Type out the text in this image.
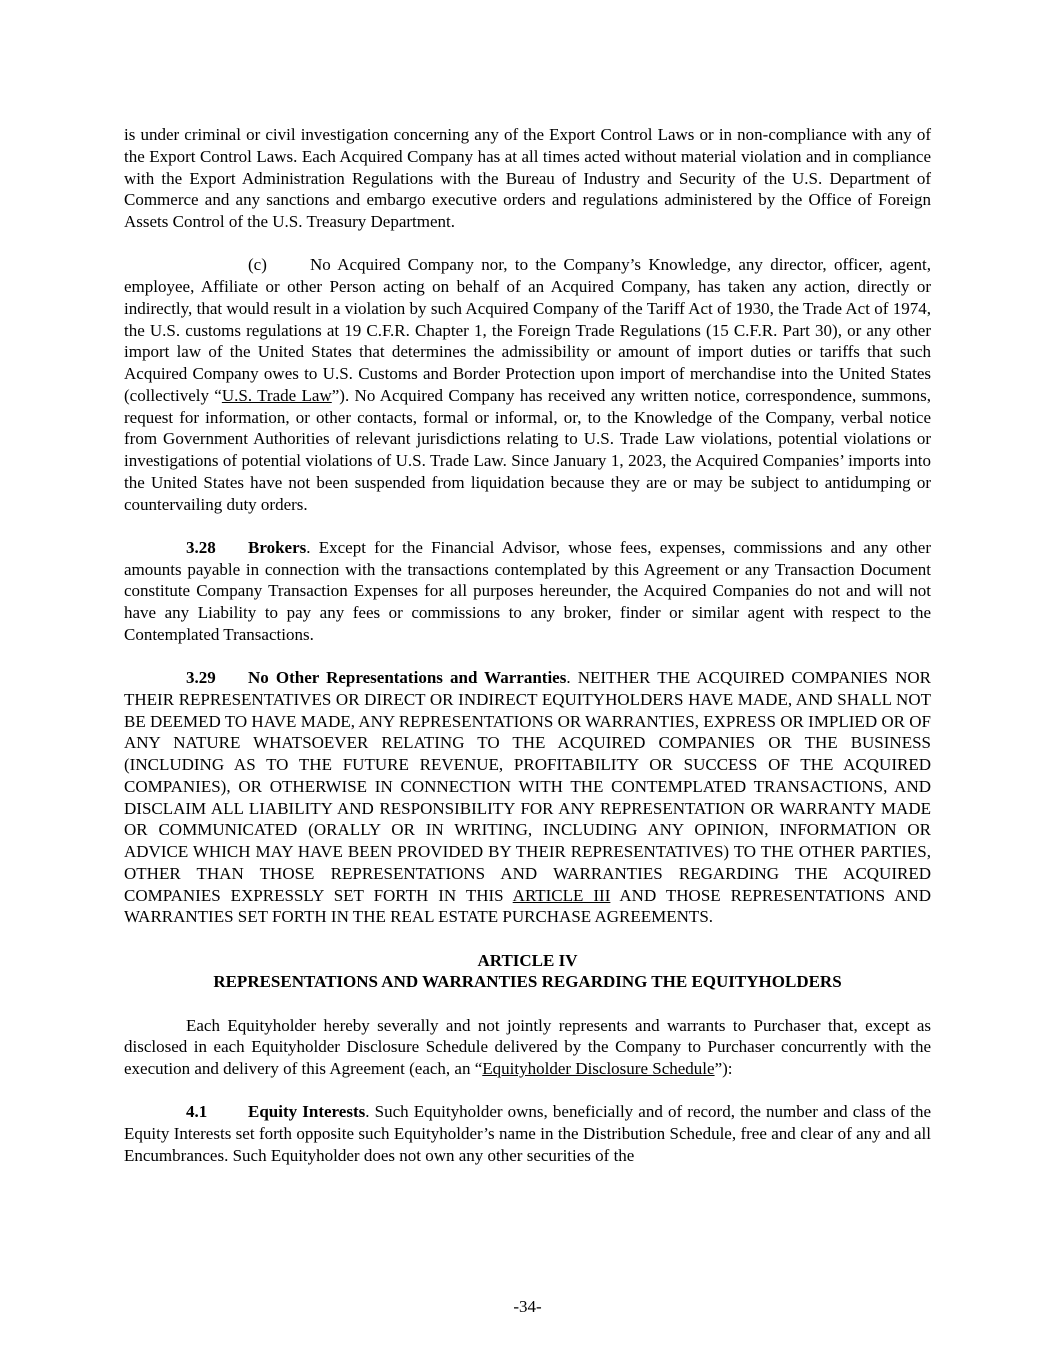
is under criminal or civil investigation concerning any of the Export Control Laws or in non-compliance with any of the Export Control Laws. Each Acquired Company has at all times acted without material violation and in compliance with the Export Administration Regulations with the Bureau of Industry and Security of the U.S. Department of Commerce and any sanctions and embargo executive orders and regulations administered by the Office of Foreign Assets Control of the U.S. Treasury Department.

(c)	No Acquired Company nor, to the Company’s Knowledge, any director, officer, agent, employee, Affiliate or other Person acting on behalf of an Acquired Company, has taken any action, directly or indirectly, that would result in a violation by such Acquired Company of the Tariff Act of 1930, the Trade Act of 1974, the U.S. customs regulations at 19 C.F.R. Chapter 1, the Foreign Trade Regulations (15 C.F.R. Part 30), or any other import law of the United States that determines the admissibility or amount of import duties or tariffs that such Acquired Company owes to U.S. Customs and Border Protection upon import of merchandise into the United States (collectively “U.S. Trade Law”). No Acquired Company has received any written notice, correspondence, summons, request for information, or other contacts, formal or informal, or, to the Knowledge of the Company, verbal notice from Government Authorities of relevant jurisdictions relating to U.S. Trade Law violations, potential violations or investigations of potential violations of U.S. Trade Law. Since January 1, 2023, the Acquired Companies’ imports into the United States have not been suspended from liquidation because they are or may be subject to antidumping or countervailing duty orders.

3.28 Brokers. Except for the Financial Advisor, whose fees, expenses, commissions and any other amounts payable in connection with the transactions contemplated by this Agreement or any Transaction Document constitute Company Transaction Expenses for all purposes hereunder, the Acquired Companies do not and will not have any Liability to pay any fees or commissions to any broker, finder or similar agent with respect to the Contemplated Transactions.

3.29 No Other Representations and Warranties. NEITHER THE ACQUIRED COMPANIES NOR THEIR REPRESENTATIVES OR DIRECT OR INDIRECT EQUITYHOLDERS HAVE MADE, AND SHALL NOT BE DEEMED TO HAVE MADE, ANY REPRESENTATIONS OR WARRANTIES, EXPRESS OR IMPLIED OR OF ANY NATURE WHATSOEVER RELATING TO THE ACQUIRED COMPANIES OR THE BUSINESS (INCLUDING AS TO THE FUTURE REVENUE, PROFITABILITY OR SUCCESS OF THE ACQUIRED COMPANIES), OR OTHERWISE IN CONNECTION WITH THE CONTEMPLATED TRANSACTIONS, AND DISCLAIM ALL LIABILITY AND RESPONSIBILITY FOR ANY REPRESENTATION OR WARRANTY MADE OR COMMUNICATED (ORALLY OR IN WRITING, INCLUDING ANY OPINION, INFORMATION OR ADVICE WHICH MAY HAVE BEEN PROVIDED BY THEIR REPRESENTATIVES) TO THE OTHER PARTIES, OTHER THAN THOSE REPRESENTATIONS AND WARRANTIES REGARDING THE ACQUIRED COMPANIES EXPRESSLY SET FORTH IN THIS ARTICLE III AND THOSE REPRESENTATIONS AND WARRANTIES SET FORTH IN THE REAL ESTATE PURCHASE AGREEMENTS.

ARTICLE IV
REPRESENTATIONS AND WARRANTIES REGARDING THE EQUITYHOLDERS

Each Equityholder hereby severally and not jointly represents and warrants to Purchaser that, except as disclosed in each Equityholder Disclosure Schedule delivered by the Company to Purchaser concurrently with the execution and delivery of this Agreement (each, an “Equityholder Disclosure Schedule”):

4.1 Equity Interests. Such Equityholder owns, beneficially and of record, the number and class of the Equity Interests set forth opposite such Equityholder’s name in the Distribution Schedule, free and clear of any and all Encumbrances. Such Equityholder does not own any other securities of the

-34-
